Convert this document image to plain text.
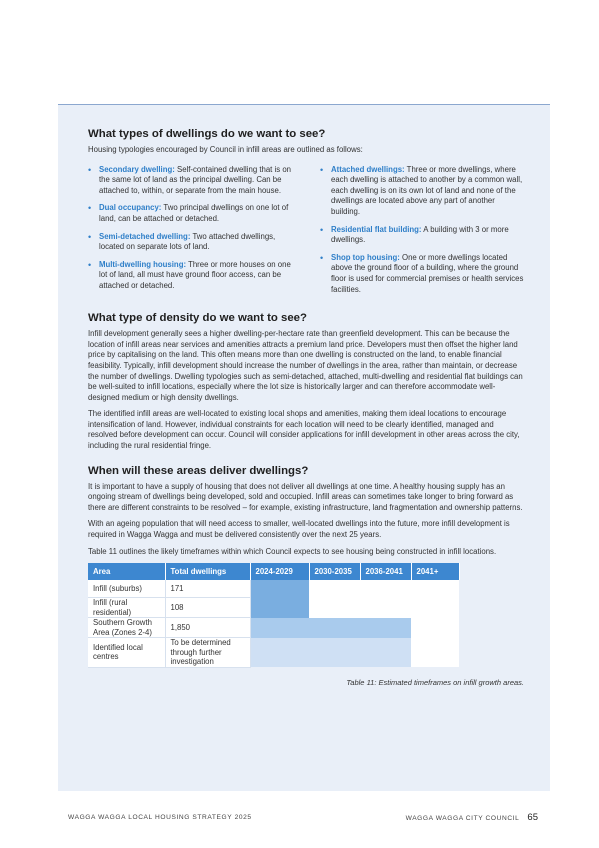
What types of dwellings do we want to see?

Housing typologies encouraged by Council in infill areas are outlined as follows:

• Secondary dwelling: Self-contained dwelling that is on the same lot of land as the principal dwelling. Can be attached to, within, or separate from the main house.
• Dual occupancy: Two principal dwellings on one lot of land, can be attached or detached.
• Semi-detached dwelling: Two attached dwellings, located on separate lots of land.
• Multi-dwelling housing: Three or more houses on one lot of land, all must have ground floor access, can be attached or detached.
• Attached dwellings: Three or more dwellings, where each dwelling is attached to another by a common wall, each dwelling is on its own lot of land and none of the dwellings are located above any part of another building.
• Residential flat building: A building with 3 or more dwellings.
• Shop top housing: One or more dwellings located above the ground floor of a building, where the ground floor is used for commercial premises or health services facilities.
What type of density do we want to see?

Infill development generally sees a higher dwelling-per-hectare rate than greenfield development. This can be because the location of infill areas near services and amenities attracts a premium land price. Developers must then offset the higher land price by capitalising on the land. This often means more than one dwelling is constructed on the land, to enable financial feasibility. Typically, infill development should increase the number of dwellings in the area, rather than maintain, or decrease the number of dwellings. Dwelling typologies such as semi-detached, attached, multi-dwelling and residential flat buildings can be well-suited to infill locations, especially where the lot size is historically larger and can therefore accommodate well-designed medium or high density dwellings.

The identified infill areas are well-located to existing local shops and amenities, making them ideal locations to encourage intensification of land. However, individual constraints for each location will need to be clearly identified, managed and resolved before development can occur. Council will consider applications for infill development in other areas across the city, including the rural residential fringe.

When will these areas deliver dwellings?

It is important to have a supply of housing that does not deliver all dwellings at one time. A healthy housing supply has an ongoing stream of dwellings being developed, sold and occupied. Infill areas can sometimes take longer to bring forward as there are different constraints to be resolved – for example, existing infrastructure, land fragmentation and ownership patterns.

With an ageing population that will need access to smaller, well-located dwellings into the future, more infill development is required in Wagga Wagga and must be delivered consistently over the next 25 years.

Table 11 outlines the likely timeframes within which Council expects to see housing being constructed in infill locations.

Area	Total dwellings	2024-2029	2030-2035	2036-2041	2041+
Infill (suburbs)	171				
Infill (rural residential)	108				
Southern Growth Area (Zones 2-4)	1,850				
Identified local centres	To be determined through further investigation				
Table 11: Estimated timeframes on infill growth areas.
WAGGA WAGGA LOCAL HOUSING STRATEGY 2025	WAGGA WAGGA CITY COUNCIL 65
